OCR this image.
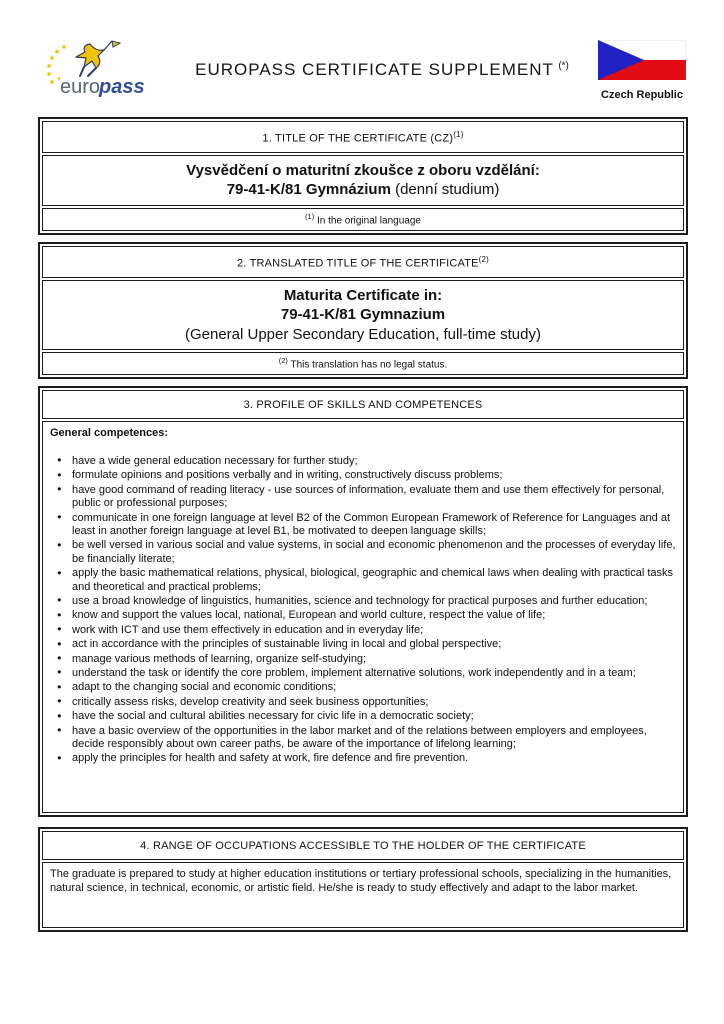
euro
pass
EUROPASS CERTIFICATE SUPPLEMENT  (*)
Czech Republic
1. TITLE OF THE CERTIFICATE (CZ)$^{(1)}$
Vysvědčení o maturitní zkoušce z oboru vzdělání:
79-41-K/81 Gymnázium (denní studium)
$^{(1)}$ In the original language
2. TRANSLATED TITLE OF THE CERTIFICATE$^{(2)}$
Maturita Certificate in:
79-41-K/81 Gymnazium
(General Upper Secondary Education, full-time study)
$^{(2)}$ This translation has no legal status.
3. PROFILE OF SKILLS AND COMPETENCES
General competences:
● have a wide general education necessary for further study;
● formulate opinions and positions verbally and in writing, constructively discuss problems;
● have good command of reading literacy - use sources of information, evaluate them and use them effectively for personal, public or professional purposes;
● communicate in one foreign language at level B2 of the Common European Framework of Reference for Languages and at least in another foreign language at level B1, be motivated to deepen language skills;
● be well versed in various social and value systems, in social and economic phenomenon and the processes of everyday life, be financially literate;
● apply the basic mathematical relations, physical, biological, geographic and chemical laws when dealing with practical tasks and theoretical and practical problems;
● use a broad knowledge of linguistics, humanities, science and technology for practical purposes and further education;
● know and support the values local, national, European and world culture, respect the value of life;
● work with ICT and use them effectively in education and in everyday life;
● act in accordance with the principles of sustainable living in local and global perspective;
● manage various methods of learning, organize self-studying;
● understand the task or identify the core problem, implement alternative solutions, work independently and in a team;
● adapt to the changing social and economic conditions;
● critically assess risks, develop creativity and seek business opportunities;
● have the social and cultural abilities necessary for civic life in a democratic society;
● have a basic overview of the opportunities in the labor market and of the relations between employers and employees, decide responsibly about own career paths, be aware of the importance of lifelong learning;
● apply the principles for health and safety at work, fire defence and fire prevention.
4. RANGE OF OCCUPATIONS ACCESSIBLE TO THE HOLDER OF THE CERTIFICATE
The graduate is prepared to study at higher education institutions or tertiary professional schools, specializing in the humanities, natural science, in technical, economic, or artistic field. He/she is ready to study effectively and adapt to the labor market.
